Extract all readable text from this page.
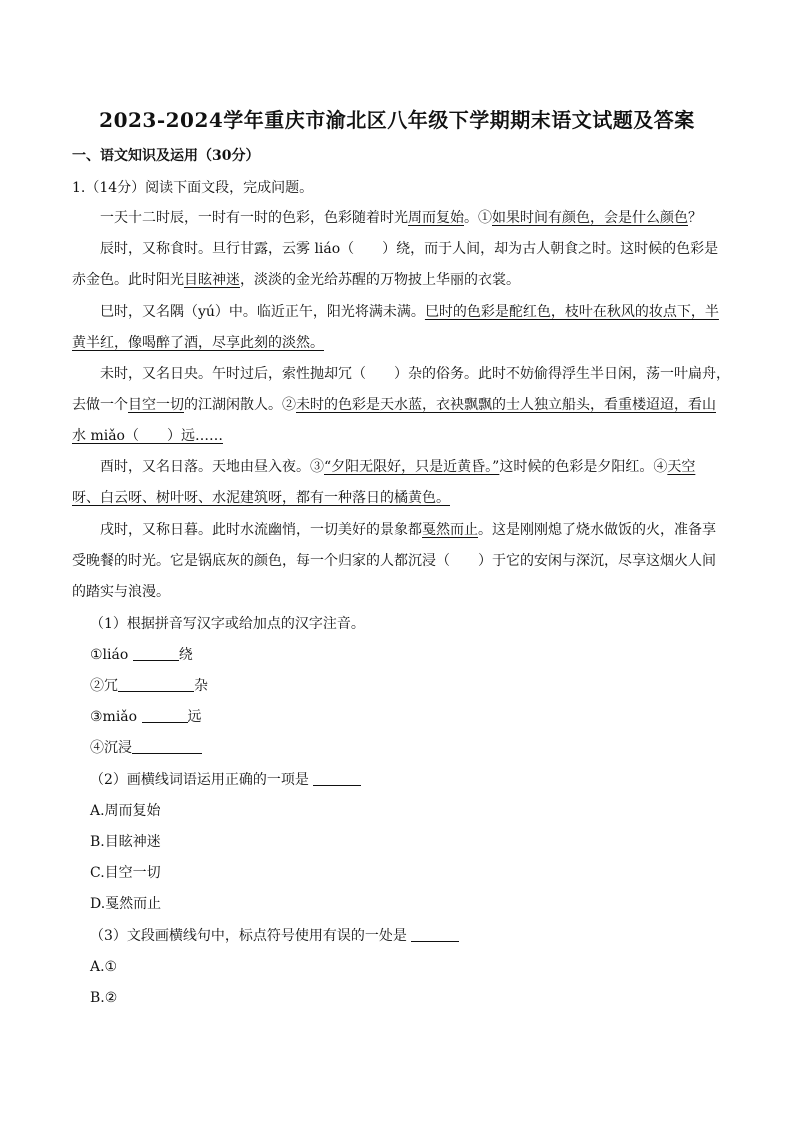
2023-2024学年重庆市渝北区八年级下学期期末语文试题及答案
一、语文知识及运用（30分）
1.（14分）阅读下面文段，完成问题。
一天十二时辰，一时有一时的色彩，色彩随着时光周而复始。①如果时间有颜色，会是什么颜色？
辰时，又称食时。旦行甘露，云雾 liáo（　　）绕，而于人间，却为古人朝食之时。这时候的色彩是
赤金色。此时阳光目眩神迷，淡淡的金光给苏醒的万物披上华丽的衣裳。
巳时，又名隅（yú）中。临近正午，阳光将满未满。巳时的色彩是酡红色，枝叶在秋风的妆点下，半
黄半红，像喝醉了酒，尽享此刻的淡然。
未时，又名日央。午时过后，索性抛却冗（　　）杂的俗务。此时不妨偷得浮生半日闲，荡一叶扁舟，
去做一个目空一切的江湖闲散人。②未时的色彩是天水蓝，衣袂飘飘的士人独立船头，看重楼迢迢，看山
水 miǎo（　　）远……
酉时，又名日落。天地由昼入夜。③“夕阳无限好，只是近黄昏。”这时候的色彩是夕阳红。④天空
呀、白云呀、树叶呀、水泥建筑呀，都有一种落日的橘黄色。
戌时，又称日暮。此时水流幽悄，一切美好的景象都戛然而止。这是刚刚熄了烧水做饭的火，准备享
受晚餐的时光。它是锅底灰的颜色，每一个归家的人都沉浸（　　）于它的安闲与深沉，尽享这烟火人间
的踏实与浪漫。
（1）根据拼音写汉字或给加点的汉字注音。
①liáo	绕
②冗	杂
③miǎo	远
④沉浸
（2）画横线词语运用正确的一项是
A.周而复始
B.目眩神迷
C.目空一切
D.戛然而止
（3）文段画横线句中，标点符号使用有误的一处是
A.①
B.②
